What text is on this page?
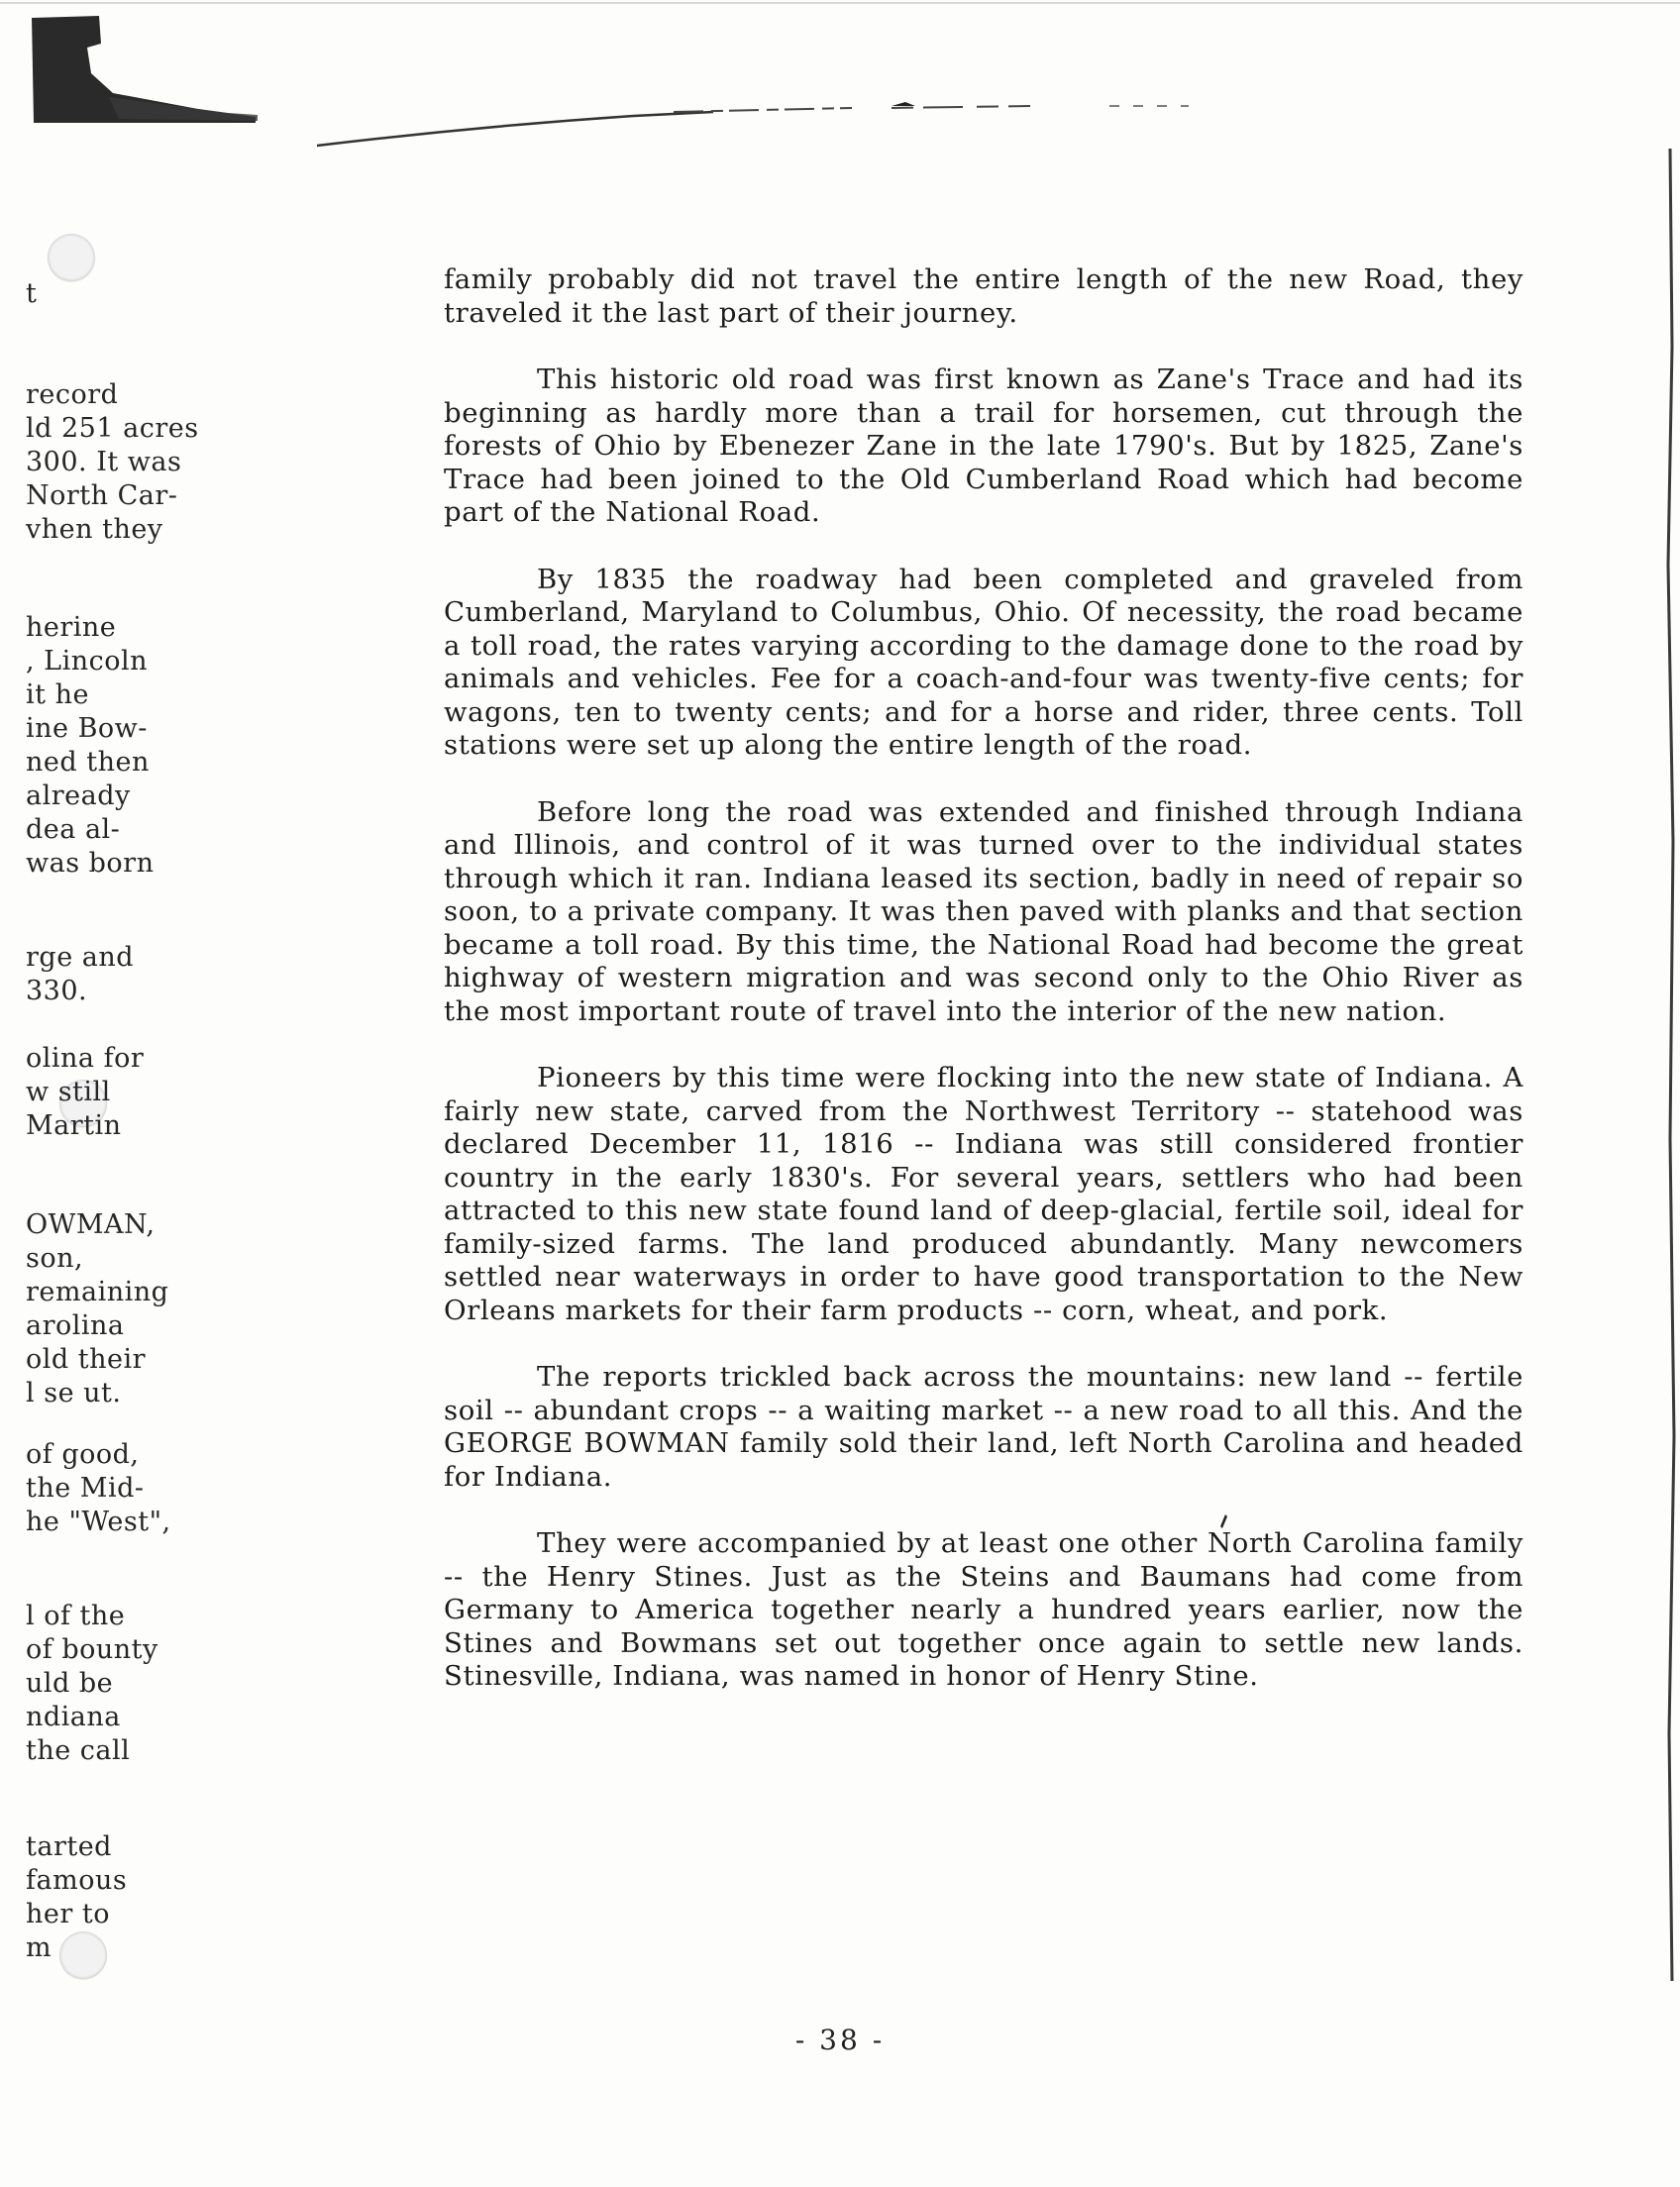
t
record
ld 251 acres
300. It was
North Car-
vhen they
herine
, Lincoln
it he
ine Bow-
ned then
already
dea al-
was born
rge and
330.
olina for
w still
Martin
OWMAN,
son,
remaining
arolina
old their
l se ut.
of good,
the Mid-
he "West",
l of the
of bounty
uld be
ndiana
the call
tarted
famous
her to
m

family probably did not travel the entire length of the new Road, they traveled it the last part of their journey.

This historic old road was first known as Zane's Trace and had its beginning as hardly more than a trail for horsemen, cut through the forests of Ohio by Ebenezer Zane in the late 1790's. But by 1825, Zane's Trace had been joined to the Old Cumberland Road which had become part of the National Road.

By 1835 the roadway had been completed and graveled from Cumberland, Maryland to Columbus, Ohio. Of necessity, the road became a toll road, the rates varying according to the damage done to the road by animals and vehicles. Fee for a coach-and-four was twenty-five cents; for wagons, ten to twenty cents; and for a horse and rider, three cents. Toll stations were set up along the entire length of the road.

Before long the road was extended and finished through Indiana and Illinois, and control of it was turned over to the individual states through which it ran. Indiana leased its section, badly in need of repair so soon, to a private company. It was then paved with planks and that section became a toll road. By this time, the National Road had become the great highway of western migration and was second only to the Ohio River as the most important route of travel into the interior of the new nation.

Pioneers by this time were flocking into the new state of Indiana. A fairly new state, carved from the Northwest Territory -- statehood was declared December 11, 1816 -- Indiana was still considered frontier country in the early 1830's. For several years, settlers who had been attracted to this new state found land of deep-glacial, fertile soil, ideal for family-sized farms. The land produced abundantly. Many newcomers settled near waterways in order to have good transportation to the New Orleans markets for their farm products -- corn, wheat, and pork.

The reports trickled back across the mountains: new land -- fertile soil -- abundant crops -- a waiting market -- a new road to all this. And the GEORGE BOWMAN family sold their land, left North Carolina and headed for Indiana.

They were accompanied by at least one other North Carolina family -- the Henry Stines. Just as the Steins and Baumans had come from Germany to America together nearly a hundred years earlier, now the Stines and Bowmans set out together once again to settle new lands. Stinesville, Indiana, was named in honor of Henry Stine.

- 38 -
